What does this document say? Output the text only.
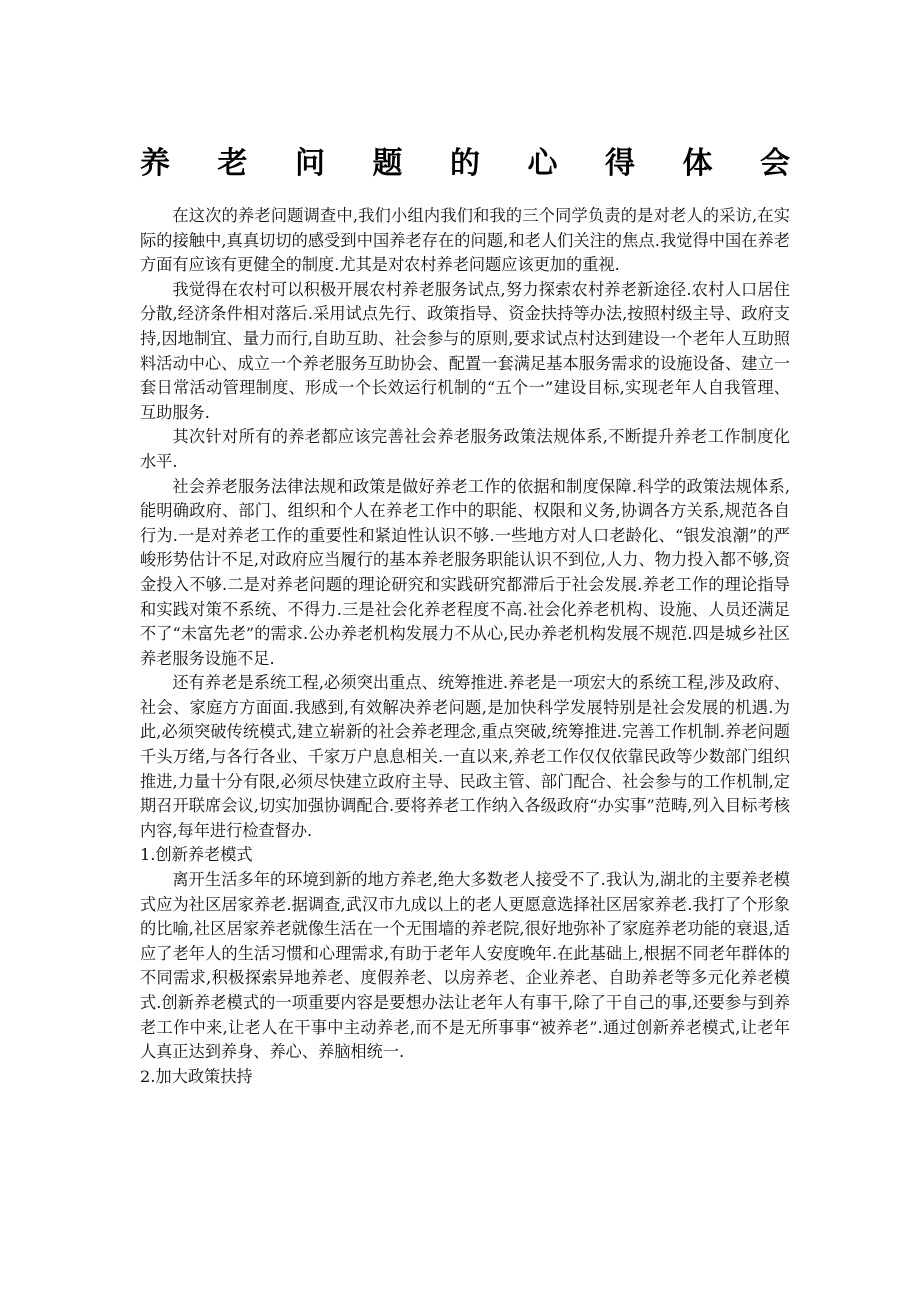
养 老 问 题 的 心 得 体 会

在这次的养老问题调查中,我们小组内我们和我的三个同学负责的是对老人的采访,在实际的接触中,真真切切的感受到中国养老存在的问题,和老人们关注的焦点.我觉得中国在养老方面有应该有更健全的制度.尤其是对农村养老问题应该更加的重视.

我觉得在农村可以积极开展农村养老服务试点,努力探索农村养老新途径.农村人口居住分散,经济条件相对落后.采用试点先行、政策指导、资金扶持等办法,按照村级主导、政府支持,因地制宜、量力而行,自助互助、社会参与的原则,要求试点村达到建设一个老年人互助照料活动中心、成立一个养老服务互助协会、配置一套满足基本服务需求的设施设备、建立一套日常活动管理制度、形成一个长效运行机制的“五个一”建设目标,实现老年人自我管理、互助服务.

其次针对所有的养老都应该完善社会养老服务政策法规体系,不断提升养老工作制度化水平.

社会养老服务法律法规和政策是做好养老工作的依据和制度保障.科学的政策法规体系,能明确政府、部门、组织和个人在养老工作中的职能、权限和义务,协调各方关系,规范各自行为.一是对养老工作的重要性和紧迫性认识不够.一些地方对人口老龄化、“银发浪潮”的严峻形势估计不足,对政府应当履行的基本养老服务职能认识不到位,人力、物力投入都不够,资金投入不够.二是对养老问题的理论研究和实践研究都滞后于社会发展.养老工作的理论指导和实践对策不系统、不得力.三是社会化养老程度不高.社会化养老机构、设施、人员还满足不了“未富先老”的需求.公办养老机构发展力不从心,民办养老机构发展不规范.四是城乡社区养老服务设施不足.

还有养老是系统工程,必须突出重点、统筹推进.养老是一项宏大的系统工程,涉及政府、社会、家庭方方面面.我感到,有效解决养老问题,是加快科学发展特别是社会发展的机遇.为此,必须突破传统模式,建立崭新的社会养老理念,重点突破,统筹推进.完善工作机制.养老问题千头万绪,与各行各业、千家万户息息相关.一直以来,养老工作仅仅依靠民政等少数部门组织推进,力量十分有限,必须尽快建立政府主导、民政主管、部门配合、社会参与的工作机制,定期召开联席会议,切实加强协调配合.要将养老工作纳入各级政府“办实事”范畴,列入目标考核内容,每年进行检查督办.

1.创新养老模式

离开生活多年的环境到新的地方养老,绝大多数老人接受不了.我认为,湖北的主要养老模式应为社区居家养老.据调查,武汉市九成以上的老人更愿意选择社区居家养老.我打了个形象的比喻,社区居家养老就像生活在一个无围墙的养老院,很好地弥补了家庭养老功能的衰退,适应了老年人的生活习惯和心理需求,有助于老年人安度晚年.在此基础上,根据不同老年群体的不同需求,积极探索异地养老、度假养老、以房养老、企业养老、自助养老等多元化养老模式.创新养老模式的一项重要内容是要想办法让老年人有事干,除了干自己的事,还要参与到养老工作中来,让老人在干事中主动养老,而不是无所事事“被养老”.通过创新养老模式,让老年人真正达到养身、养心、养脑相统一.

2.加大政策扶持
